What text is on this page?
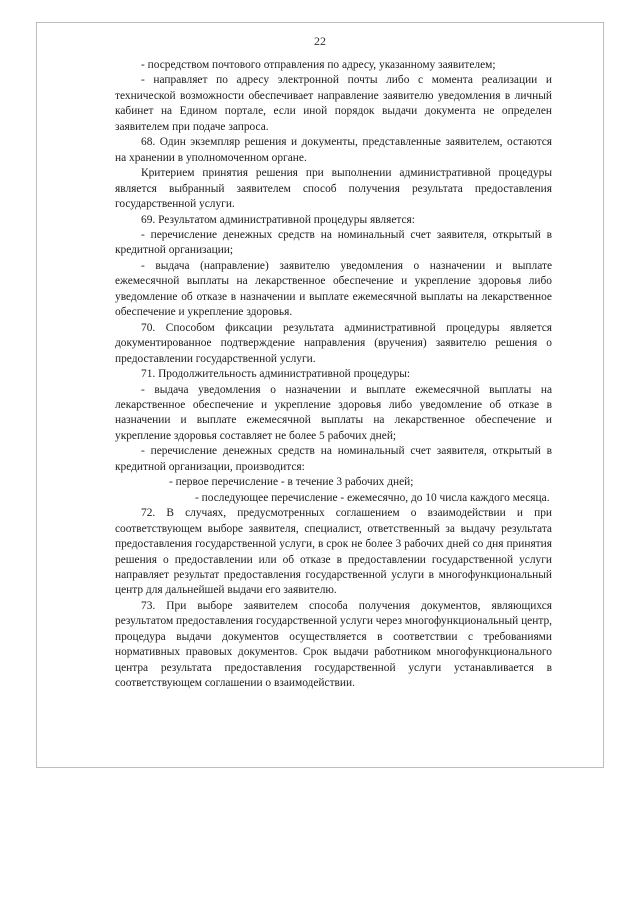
22

- посредством почтового отправления по адресу, указанному заявителем;

- направляет по адресу электронной почты либо с момента реализации и технической возможности обеспечивает направление заявителю уведомления в личный кабинет на Едином портале, если иной порядок выдачи документа не определен заявителем при подаче запроса.

68. Один экземпляр решения и документы, представленные заявителем, остаются на хранении в уполномоченном органе.

Критерием принятия решения при выполнении административной процедуры является выбранный заявителем способ получения результата предоставления государственной услуги.

69. Результатом административной процедуры является:

- перечисление денежных средств на номинальный счет заявителя, открытый в кредитной организации;

- выдача (направление) заявителю уведомления о назначении и выплате ежемесячной выплаты на лекарственное обеспечение и укрепление здоровья либо уведомление об отказе в назначении и выплате ежемесячной выплаты на лекарственное обеспечение и укрепление здоровья.

70. Способом фиксации результата административной процедуры является документированное подтверждение направления (вручения) заявителю решения о предоставлении государственной услуги.

71. Продолжительность административной процедуры:

- выдача уведомления о назначении и выплате ежемесячной выплаты на лекарственное обеспечение и укрепление здоровья либо уведомление об отказе в назначении и выплате ежемесячной выплаты на лекарственное обеспечение и укрепление здоровья составляет не более 5 рабочих дней;

- перечисление денежных средств на номинальный счет заявителя, открытый в кредитной организации, производится:

- первое перечисление - в течение 3 рабочих дней;

- последующее перечисление - ежемесячно, до 10 числа каждого месяца.

72. В случаях, предусмотренных соглашением о взаимодействии и при соответствующем выборе заявителя, специалист, ответственный за выдачу результата предоставления государственной услуги, в срок не более 3 рабочих дней со дня принятия решения о предоставлении или об отказе в предоставлении государственной услуги направляет результат предоставления государственной услуги в многофункциональный центр для дальнейшей выдачи его заявителю.

73. При выборе заявителем способа получения документов, являющихся результатом предоставления государственной услуги через многофункциональный центр, процедура выдачи документов осуществляется в соответствии с требованиями нормативных правовых документов. Срок выдачи работником многофункционального центра результата предоставления государственной услуги устанавливается в соответствующем соглашении о взаимодействии.
